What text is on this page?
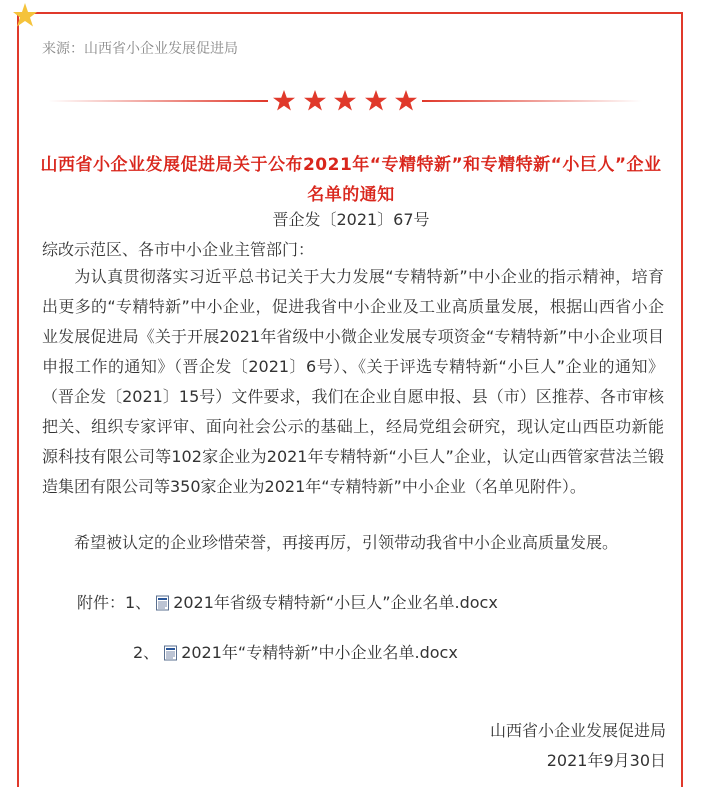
来源：山西省小企业发展促进局
山西省小企业发展促进局关于公布2021年“专精特新”和专精特新“小巨人”企业名单的通知
晋企发〔2021〕67号
综改示范区、各市中小企业主管部门：
  为认真贯彻落实习近平总书记关于大力发展“专精特新”中小企业的指示精神，培育出更多的“专精特新”中小企业，促进我省中小企业及工业高质量发展，根据山西省小企业发展促进局《关于开展2021年省级中小微企业发展专项资金“专精特新”中小企业项目申报工作的通知》（晋企发〔2021〕6号）、《关于评选专精特新“小巨人”企业的通知》（晋企发〔2021〕15号）文件要求，我们在企业自愿申报、县（市）区推荐、各市审核把关、组织专家评审、面向社会公示的基础上，经局党组会研究，现认定山西臣功新能源科技有限公司等102家企业为2021年专精特新“小巨人”企业，认定山西管家营法兰锻造集团有限公司等350家企业为2021年“专精特新”中小企业（名单见附件）。
  希望被认定的企业珍惜荣誉，再接再厉，引领带动我省中小企业高质量发展。
附件：1、 2021年省级专精特新“小巨人”企业名单.docx
2、 2021年“专精特新”中小企业名单.docx
山西省小企业发展促进局
2021年9月30日
